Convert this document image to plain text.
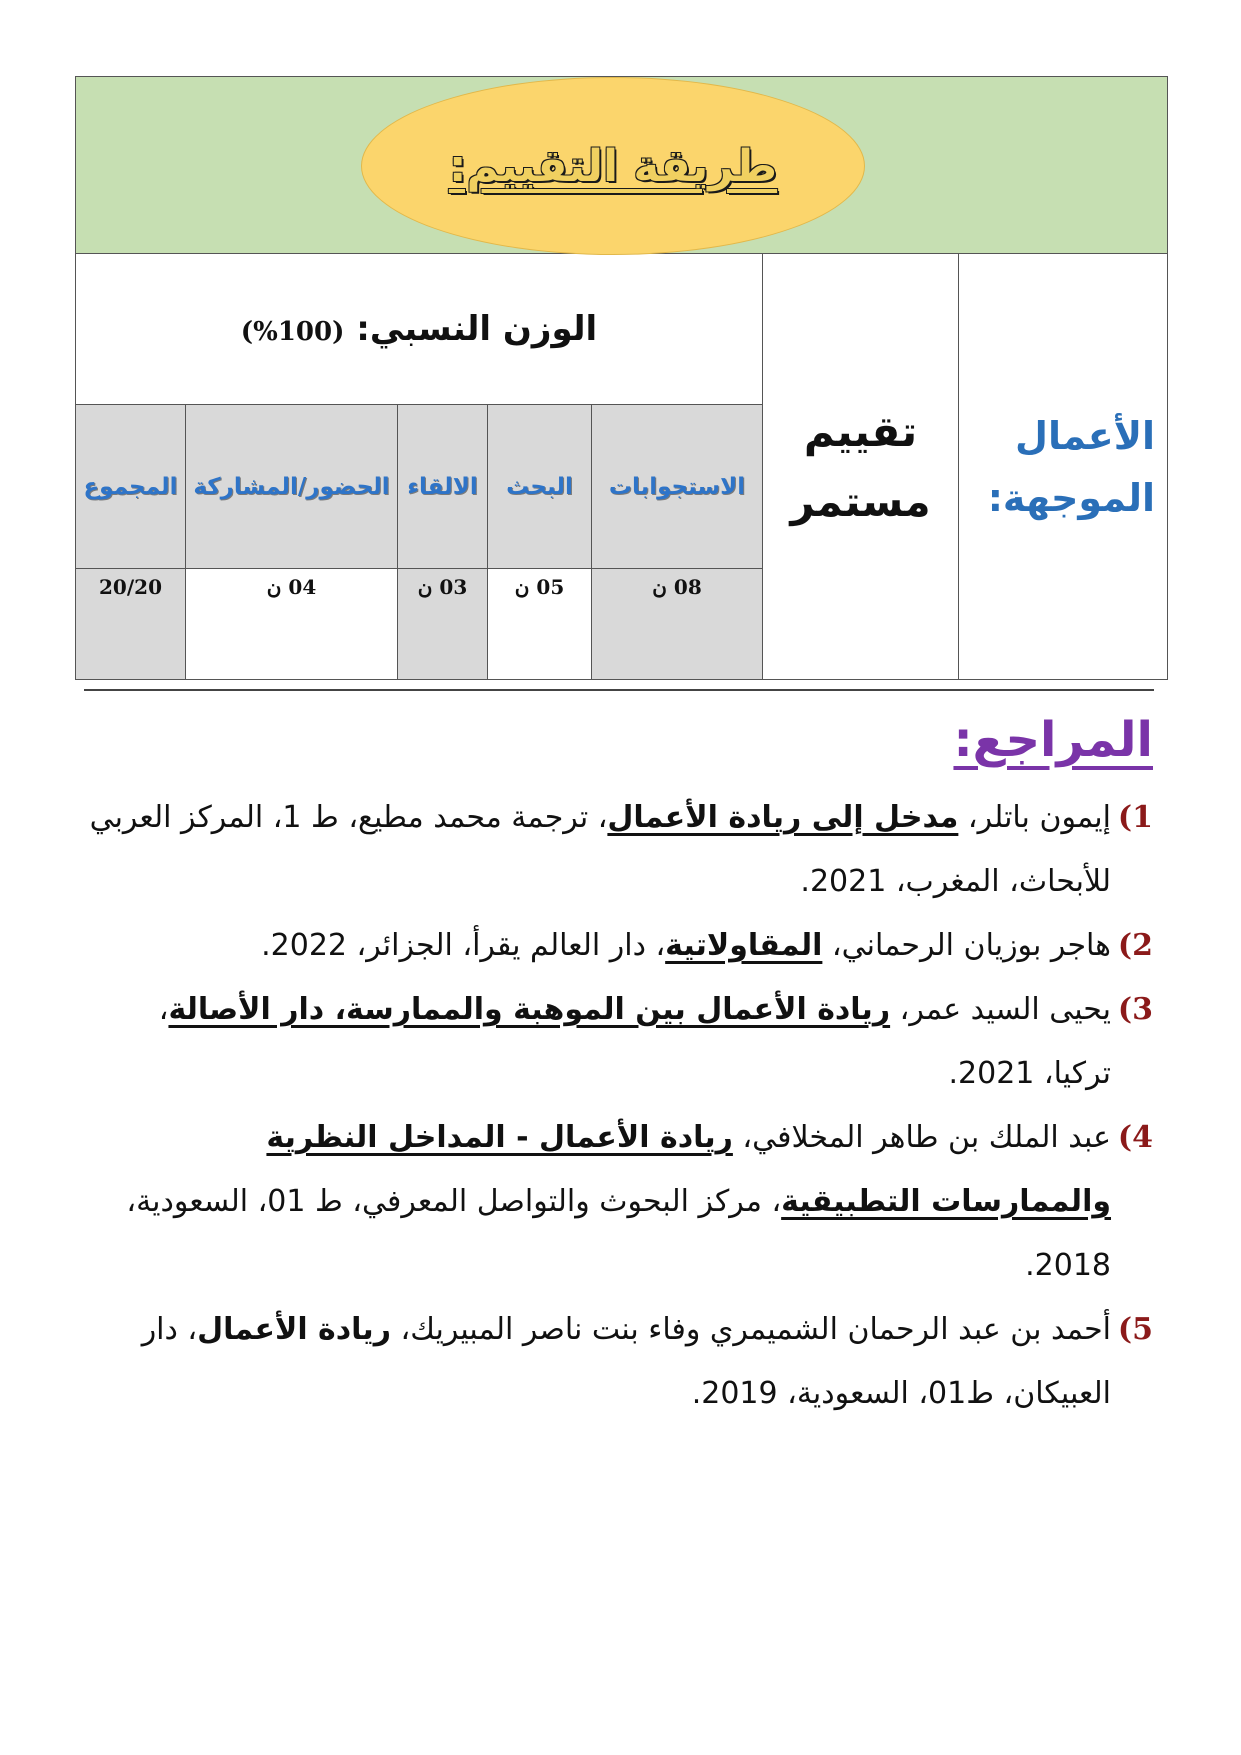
طريقة التقييم:						

الوزن النسبي: (100%)					تقييم مستمر	الأعمال الموجهة:
المجموع	الحضور/المشاركة	الالقاء	البحث	الاستجوابات		
20/20	04 ن	03 ن	05 ن	08 ن		
المراجع:
1)
إيمون باتلر، مدخل إلى ريادة الأعمال، ترجمة محمد مطيع، ط 1، المركز العربي للأبحاث، المغرب، 2021.
2)
هاجر بوزيان الرحماني، المقاولاتية، دار العالم يقرأ، الجزائر، 2022.
3)
يحيى السيد عمر، ريادة الأعمال بين الموهبة والممارسة، دار الأصالة، تركيا، 2021.
4)
عبد الملك بن طاهر المخلافي، ريادة الأعمال - المداخل النظرية والممارسات التطبيقية، مركز البحوث والتواصل المعرفي، ط 01، السعودية، 2018.
5)
أحمد بن عبد الرحمان الشميمري وفاء بنت ناصر المبيريك، ريادة الأعمال، دار العبيكان، ط01، السعودية، 2019.
